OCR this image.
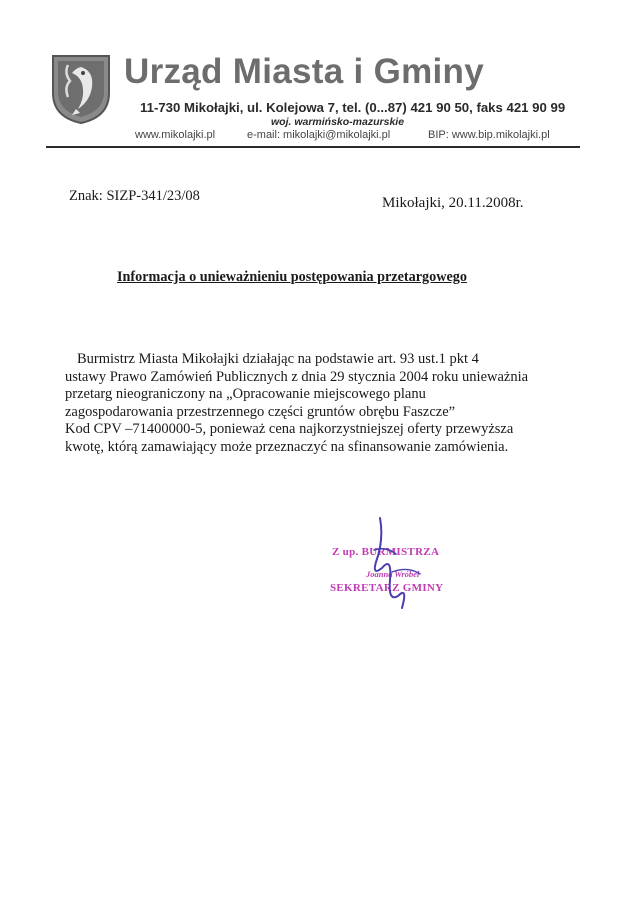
Urząd Miasta i Gminy

11-730 Mikołajki, ul. Kolejowa 7, tel. (0...87) 421 90 50, faks 421 90 99

woj. warmińsko-mazurskie

www.mikolajki.pl	e-mail: mikolajki@mikolajki.pl	BIP: www.bip.mikolajki.pl

Znak: SIZP-341/23/08	Mikołajki, 20.11.2008r.

Informacja o unieważnieniu postępowania przetargowego

Burmistrz Miasta Mikołajki działając na podstawie art. 93 ust.1 pkt 4

ustawy Prawo Zamówień Publicznych z dnia 29 stycznia 2004 roku unieważnia

przetarg nieograniczony na „Opracowanie miejscowego planu

zagospodarowania przestrzennego części gruntów obrębu Faszcze”

Kod CPV –71400000-5, ponieważ cena najkorzystniejszej oferty przewyższa

kwotę, którą zamawiający może przeznaczyć na sfinansowanie zamówienia.

Z up. BURMISTRZA

Joanna Wróbel

SEKRETARZ GMINY
